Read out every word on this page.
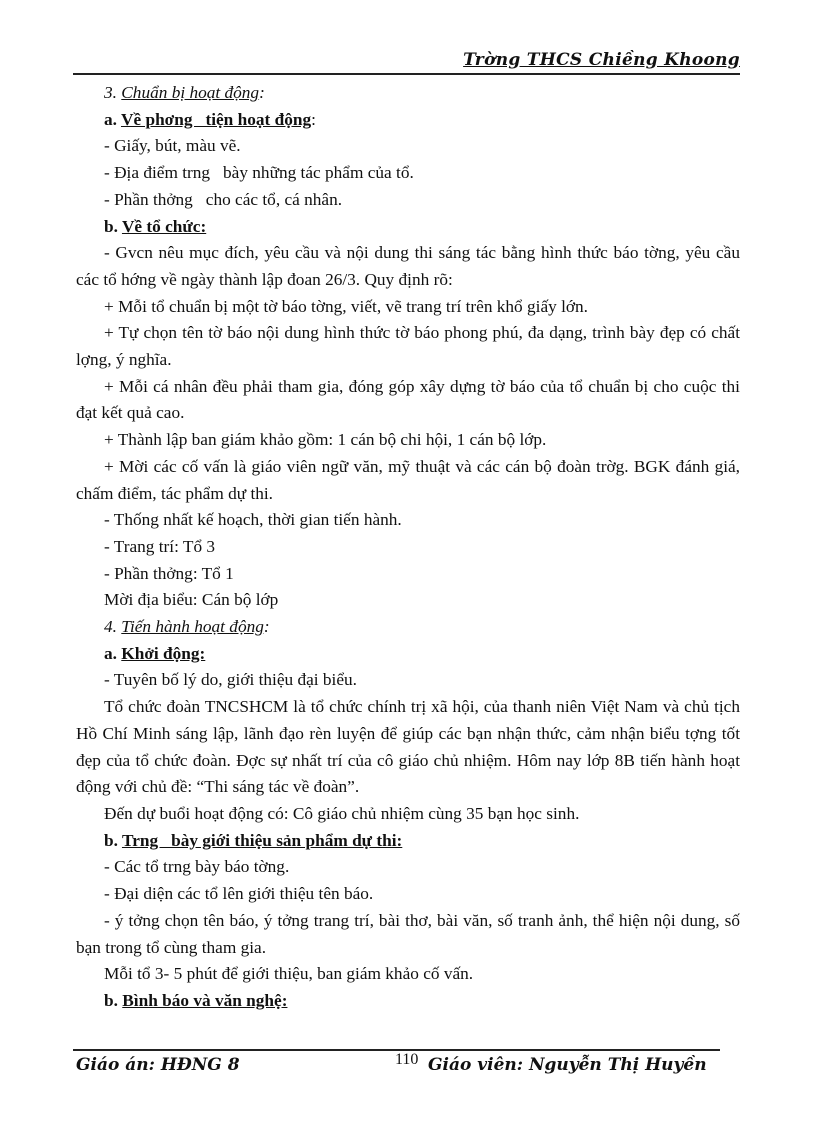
Trờng THCS Chiềng Khoong
3. Chuẩn bị hoạt động:
a. Về phơng   tiện hoạt động:
- Giấy, bút, màu vẽ.
- Địa điểm trng   bày những tác phẩm của tổ.
- Phần thởng   cho các tổ, cá nhân.
b. Về tổ chức:
- Gvcn nêu mục đích, yêu cầu và nội dung thi sáng tác bằng hình thức báo tờng, yêu cầu các tổ hớng về ngày thành lập đoan 26/3. Quy định rõ:
+ Mỗi tổ chuẩn bị một tờ báo tờng, viết, vẽ trang trí trên khổ giấy lớn.
+ Tự chọn tên tờ báo nội dung hình thức tờ báo phong phú, đa dạng, trình bày đẹp có chất lợng, ý nghĩa.
+ Mỗi cá nhân đều phải tham gia, đóng góp xây dựng tờ báo của tổ chuẩn bị cho cuộc thi đạt kết quả cao.
+ Thành lập ban giám khảo gồm: 1 cán bộ chi hội, 1 cán bộ lớp.
+ Mời các cố vấn là giáo viên ngữ văn, mỹ thuật và các cán bộ đoàn trờg. BGK đánh giá, chấm điểm, tác phẩm dự thi.
- Thống nhất kế hoạch, thời gian tiến hành.
- Trang trí: Tổ 3
- Phần thởng: Tổ 1
Mời địa biểu: Cán bộ lớp
4. Tiến hành hoạt động:
a. Khởi động:
- Tuyên bố lý do, giới thiệu đại biểu.
Tổ chức đoàn TNCSHCM là tổ chức chính trị xã hội, của thanh niên Việt Nam và chủ tịch Hồ Chí Minh sáng lập, lãnh đạo rèn luyện để giúp các bạn nhận thức, cảm nhận biểu tợng tốt đẹp của tổ chức đoàn. Đợc sự nhất trí của cô giáo chủ nhiệm. Hôm nay lớp 8B tiến hành hoạt động với chủ đề: “Thi sáng tác về đoàn”.
Đến dự buổi hoạt động có: Cô giáo chủ nhiệm cùng 35 bạn học sinh.
b. Trng   bày giới thiệu sản phẩm dự thi:
- Các tổ trng bày báo tờng.
- Đại diện các tổ lên giới thiệu tên báo.
- ý tởng chọn tên báo, ý tởng trang trí, bài thơ, bài văn, số tranh ảnh, thể hiện nội dung, số bạn trong tổ cùng tham gia.
Mỗi tổ 3- 5 phút để giới thiệu, ban giám khảo cố vấn.
b. Bình báo và văn nghệ:
Giáo án: HĐNG 8	110 Giáo viên: Nguyễn Thị Huyền
